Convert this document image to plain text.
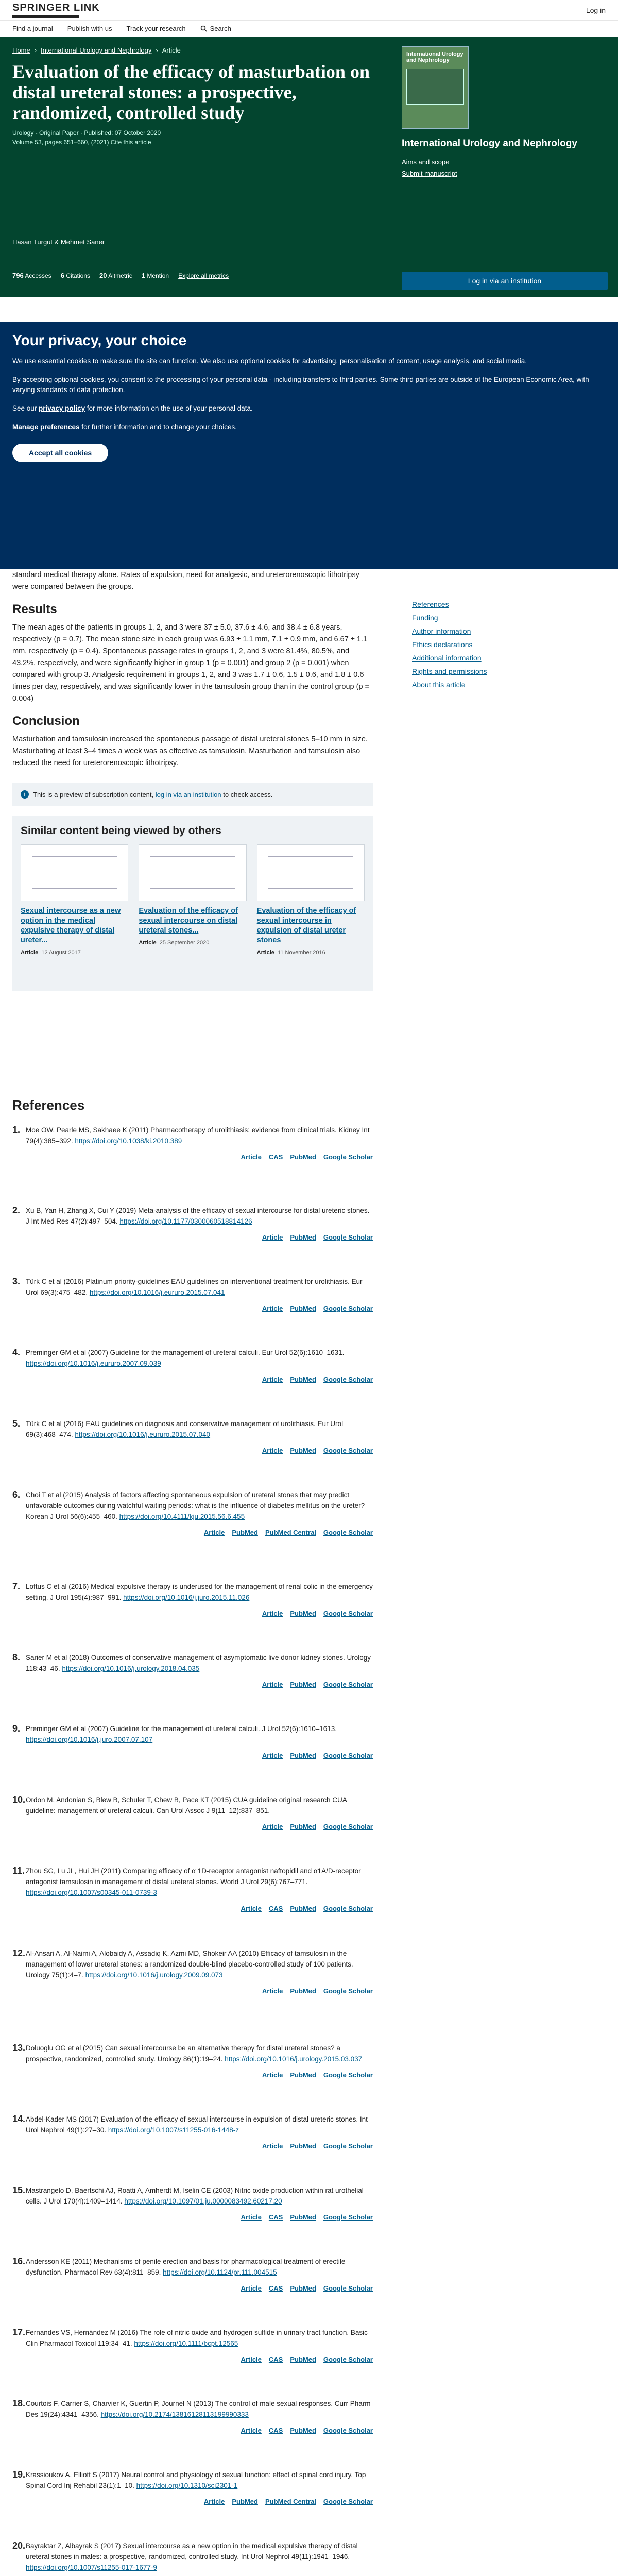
SPRINGER LINK	Log in
Find a journal Publish with us Track your research	Search
Home › International Urology and Nephrology › Article
Evaluation of the efficacy of masturbation on distal ureteral stones: a prospective, randomized, controlled study
Urology - Original Paper · Published: 07 October 2020
Volume 53, pages 651–660, (2021) Cite this article
International Urology and Nephrology
International Urology and Nephrology
Aims and scope
Submit manuscript
Hasan Turgut & Mehmet Saner
796 Accesses 6 Citations 20 Altmetric 1 Mention Explore all metrics
Log in via an institution
Your privacy, your choice

We use essential cookies to make sure the site can function. We also use optional cookies for advertising, personalisation of content, usage analysis, and social media.

By accepting optional cookies, you consent to the processing of your personal data - including transfers to third parties. Some third parties are outside of the European Economic Area, with varying standards of data protection.

See our privacy policy for more information on the use of your personal data.

Manage preferences for further information and to change your choices.

Accept all cookies
References
Funding
Author information
Ethics declarations
Additional information
Rights and permissions
About this article

standard medical therapy alone. Rates of expulsion, need for analgesic, and ureterorenoscopic lithotripsy were compared between the groups.

Results

The mean ages of the patients in groups 1, 2, and 3 were 37 ± 5.0, 37.6 ± 4.6, and 38.4 ± 6.8 years, respectively (p = 0.7). The mean stone size in each group was 6.93 ± 1.1 mm, 7.1 ± 0.9 mm, and 6.67 ± 1.1 mm, respectively (p = 0.4). Spontaneous passage rates in groups 1, 2, and 3 were 81.4%, 80.5%, and 43.2%, respectively, and were significantly higher in group 1 (p = 0.001) and group 2 (p = 0.001) when compared with group 3. Analgesic requirement in groups 1, 2, and 3 was 1.7 ± 0.6, 1.5 ± 0.6, and 1.8 ± 0.6 times per day, respectively, and was significantly lower in the tamsulosin group than in the control group (p = 0.004)

Conclusion

Masturbation and tamsulosin increased the spontaneous passage of distal ureteral stones 5–10 mm in size. Masturbating at least 3–4 times a week was as effective as tamsulosin. Masturbation and tamsulosin also reduced the need for ureterorenoscopic lithotripsy.

i	This is a preview of subscription content, log in via an institution to check access.
Similar content being viewed by others
Sexual intercourse as a new option in the medical expulsive therapy of distal ureter...
Article 12 August 2017
Evaluation of the efficacy of sexual intercourse on distal ureteral stones...
Article 25 September 2020
Evaluation of the efficacy of sexual intercourse in expulsion of distal ureter stones
Article 11 November 2016
References
1. Moe OW, Pearle MS, Sakhaee K (2011) Pharmacotherapy of urolithiasis: evidence from clinical trials. Kidney Int 79(4):385–392. https://doi.org/10.1038/ki.2010.389
Article CAS PubMed Google Scholar
2. Xu B, Yan H, Zhang X, Cui Y (2019) Meta-analysis of the efficacy of sexual intercourse for distal ureteric stones. J Int Med Res 47(2):497–504. https://doi.org/10.1177/0300060518814126
Article PubMed Google Scholar
3. Türk C et al (2016) Platinum priority-guidelines EAU guidelines on interventional treatment for urolithiasis. Eur Urol 69(3):475–482. https://doi.org/10.1016/j.eururo.2015.07.041
Article PubMed Google Scholar
4. Preminger GM et al (2007) Guideline for the management of ureteral calculi. Eur Urol 52(6):1610–1631. https://doi.org/10.1016/j.eururo.2007.09.039
Article PubMed Google Scholar
5. Türk C et al (2016) EAU guidelines on diagnosis and conservative management of urolithiasis. Eur Urol 69(3):468–474. https://doi.org/10.1016/j.eururo.2015.07.040
Article PubMed Google Scholar
6. Choi T et al (2015) Analysis of factors affecting spontaneous expulsion of ureteral stones that may predict unfavorable outcomes during watchful waiting periods: what is the influence of diabetes mellitus on the ureter? Korean J Urol 56(6):455–460. https://doi.org/10.4111/kju.2015.56.6.455
Article PubMed PubMed Central Google Scholar
7. Loftus C et al (2016) Medical expulsive therapy is underused for the management of renal colic in the emergency setting. J Urol 195(4):987–991. https://doi.org/10.1016/j.juro.2015.11.026
Article PubMed Google Scholar
8. Sarier M et al (2018) Outcomes of conservative management of asymptomatic live donor kidney stones. Urology 118:43–46. https://doi.org/10.1016/j.urology.2018.04.035
Article PubMed Google Scholar
9. Preminger GM et al (2007) Guideline for the management of ureteral calculi. J Urol 52(6):1610–1613. https://doi.org/10.1016/j.juro.2007.07.107
Article PubMed Google Scholar
10. Ordon M, Andonian S, Blew B, Schuler T, Chew B, Pace KT (2015) CUA guideline original research CUA guideline: management of ureteral calculi. Can Urol Assoc J 9(11–12):837–851.
Article PubMed Google Scholar
11. Zhou SG, Lu JL, Hui JH (2011) Comparing efficacy of α 1D-receptor antagonist naftopidil and α1A/D-receptor antagonist tamsulosin in management of distal ureteral stones. World J Urol 29(6):767–771. https://doi.org/10.1007/s00345-011-0739-3
Article CAS PubMed Google Scholar
12. Al-Ansari A, Al-Naimi A, Alobaidy A, Assadiq K, Azmi MD, Shokeir AA (2010) Efficacy of tamsulosin in the management of lower ureteral stones: a randomized double-blind placebo-controlled study of 100 patients. Urology 75(1):4–7. https://doi.org/10.1016/j.urology.2009.09.073
Article PubMed Google Scholar
13. Doluoglu OG et al (2015) Can sexual intercourse be an alternative therapy for distal ureteral stones? a prospective, randomized, controlled study. Urology 86(1):19–24. https://doi.org/10.1016/j.urology.2015.03.037
Article PubMed Google Scholar
14. Abdel-Kader MS (2017) Evaluation of the efficacy of sexual intercourse in expulsion of distal ureteric stones. Int Urol Nephrol 49(1):27–30. https://doi.org/10.1007/s11255-016-1448-z
Article PubMed Google Scholar
15. Mastrangelo D, Baertschi AJ, Roatti A, Amherdt M, Iselin CE (2003) Nitric oxide production within rat urothelial cells. J Urol 170(4):1409–1414. https://doi.org/10.1097/01.ju.0000083492.60217.20
Article CAS PubMed Google Scholar
16. Andersson KE (2011) Mechanisms of penile erection and basis for pharmacological treatment of erectile dysfunction. Pharmacol Rev 63(4):811–859. https://doi.org/10.1124/pr.111.004515
Article CAS PubMed Google Scholar
17. Fernandes VS, Hernández M (2016) The role of nitric oxide and hydrogen sulfide in urinary tract function. Basic Clin Pharmacol Toxicol 119:34–41. https://doi.org/10.1111/bcpt.12565
Article CAS PubMed Google Scholar
18. Courtois F, Carrier S, Charvier K, Guertin P, Journel N (2013) The control of male sexual responses. Curr Pharm Des 19(24):4341–4356. https://doi.org/10.2174/13816128113199990333
Article CAS PubMed Google Scholar
19. Krassioukov A, Elliott S (2017) Neural control and physiology of sexual function: effect of spinal cord injury. Top Spinal Cord Inj Rehabil 23(1):1–10. https://doi.org/10.1310/sci2301-1
Article PubMed PubMed Central Google Scholar
20. Bayraktar Z, Albayrak S (2017) Sexual intercourse as a new option in the medical expulsive therapy of distal ureteral stones in males: a prospective, randomized, controlled study. Int Urol Nephrol 49(11):1941–1946. https://doi.org/10.1007/s11255-017-1677-9
